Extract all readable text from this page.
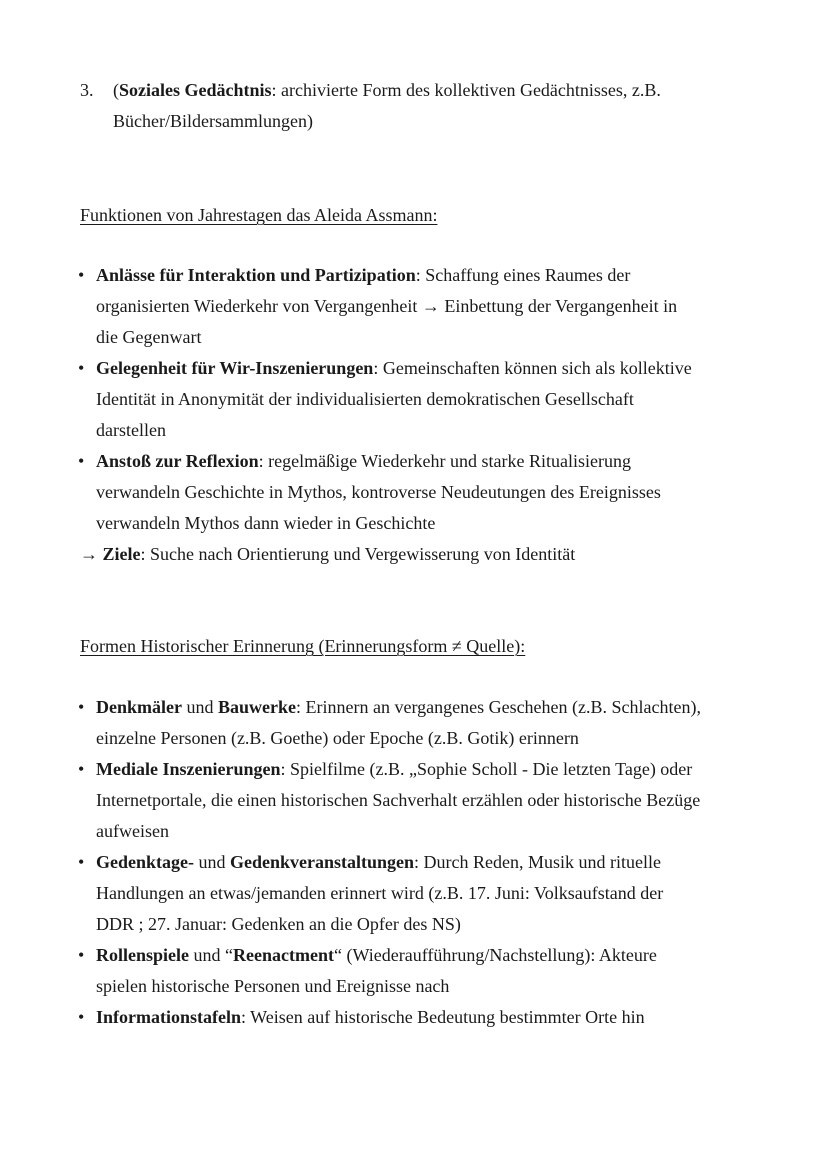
3. (Soziales Gedächtnis: archivierte Form des kollektiven Gedächtnisses, z.B.
Bücher/Bildersammlungen)
Funktionen von Jahrestagen das Aleida Assmann:
• Anlässe für Interaktion und Partizipation: Schaffung eines Raumes der
organisierten Wiederkehr von Vergangenheit → Einbettung der Vergangenheit in
die Gegenwart
• Gelegenheit für Wir-Inszenierungen: Gemeinschaften können sich als kollektive
Identität in Anonymität der individualisierten demokratischen Gesellschaft
darstellen
• Anstoß zur Reflexion: regelmäßige Wiederkehr und starke Ritualisierung
verwandeln Geschichte in Mythos, kontroverse Neudeutungen des Ereignisses
verwandeln Mythos dann wieder in Geschichte
→ Ziele: Suche nach Orientierung und Vergewisserung von Identität
Formen Historischer Erinnerung (Erinnerungsform ≠ Quelle):
• Denkmäler und Bauwerke: Erinnern an vergangenes Geschehen (z.B. Schlachten),
einzelne Personen (z.B. Goethe) oder Epoche (z.B. Gotik) erinnern
• Mediale Inszenierungen: Spielfilme (z.B. „Sophie Scholl - Die letzten Tage) oder
Internetportale, die einen historischen Sachverhalt erzählen oder historische Bezüge
aufweisen
• Gedenktage- und Gedenkveranstaltungen: Durch Reden, Musik und rituelle
Handlungen an etwas/jemanden erinnert wird (z.B. 17. Juni: Volksaufstand der
DDR ; 27. Januar: Gedenken an die Opfer des NS)
• Rollenspiele und “Reenactment“ (Wiederaufführung/Nachstellung): Akteure
spielen historische Personen und Ereignisse nach
• Informationstafeln: Weisen auf historische Bedeutung bestimmter Orte hin
